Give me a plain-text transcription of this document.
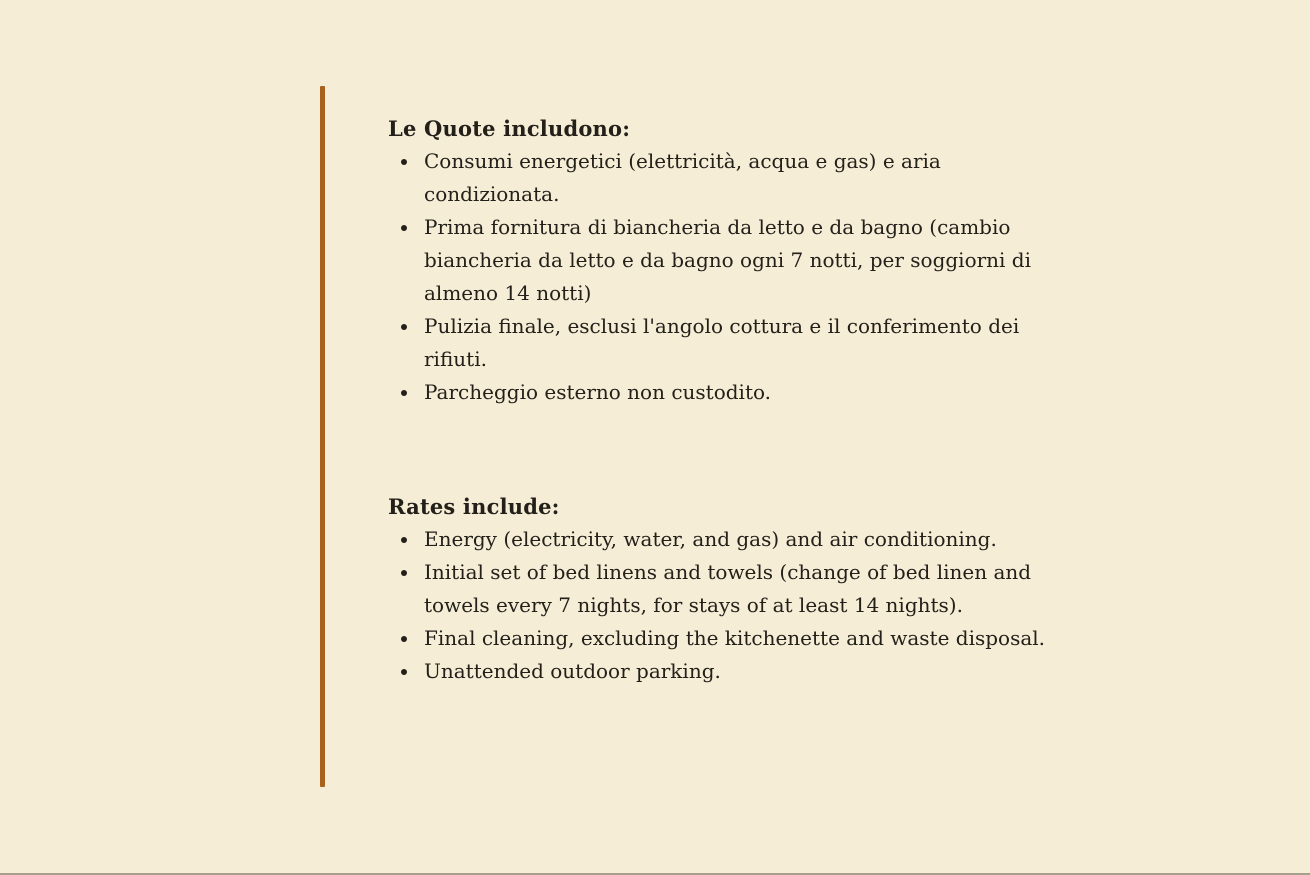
Le Quote includono:
Consumi energetici (elettricità, acqua e gas) e aria condizionata.
Prima fornitura di biancheria da letto e da bagno (cambio biancheria da letto e da bagno ogni 7 notti, per soggiorni di almeno 14 notti)
Pulizia finale, esclusi l'angolo cottura e il conferimento dei rifiuti.
Parcheggio esterno non custodito.
Rates include:
Energy (electricity, water, and gas) and air conditioning.
Initial set of bed linens and towels (change of bed linen and towels every 7 nights, for stays of at least 14 nights).
Final cleaning, excluding the kitchenette and waste disposal.
Unattended outdoor parking.
